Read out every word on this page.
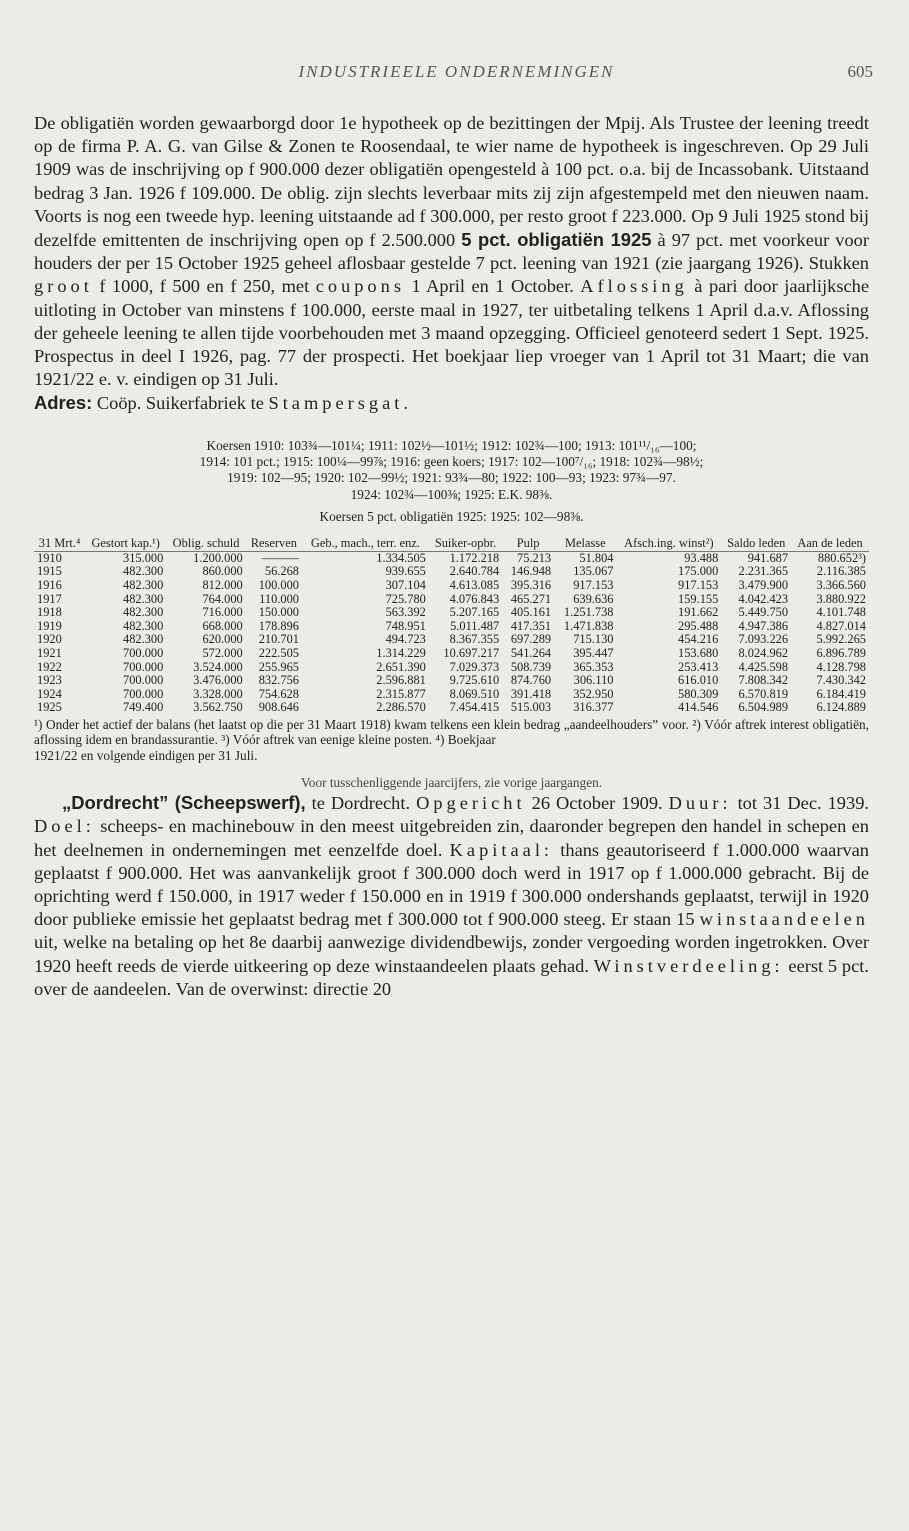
INDUSTRIEELE ONDERNEMINGEN	605

De obligatiën worden gewaarborgd door 1e hypotheek op de bezittingen der Mpij. Als Trustee der leening treedt op de firma P. A. G. van Gilse & Zonen te Roosendaal, te wier name de hypotheek is ingeschreven. Op 29 Juli 1909 was de inschrijving op f 900.000 dezer obligatiën opengesteld à 100 pct. o.a. bij de Incassobank. Uitstaand bedrag 3 Jan. 1926 f 109.000. De oblig. zijn slechts leverbaar mits zij zijn afgestempeld met den nieuwen naam. Voorts is nog een tweede hyp. leening uitstaande ad f 300.000, per resto groot f 223.000. Op 9 Juli 1925 stond bij dezelfde emittenten de inschrijving open op f 2.500.000 5 pct. obligatiën 1925 à 97 pct. met voorkeur voor houders der per 15 October 1925 geheel aflosbaar gestelde 7 pct. leening van 1921 (zie jaargang 1926). Stukken groot f 1000, f 500 en f 250, met coupons 1 April en 1 October. Aflossing à pari door jaarlijksche uitloting in October van minstens f 100.000, eerste maal in 1927, ter uitbetaling telkens 1 April d.a.v. Aflossing der geheele leening te allen tijde voorbehouden met 3 maand opzegging. Officieel genoteerd sedert 1 Sept. 1925. Prospectus in deel I 1926, pag. 77 der prospecti. Het boekjaar liep vroeger van 1 April tot 31 Maart; die van 1921/22 e. v. eindigen op 31 Juli.
Adres: Coöp. Suikerfabriek te Stampersgat.

Koersen 1910: 103¾—101¼; 1911: 102½—101½; 1912: 102¾—100; 1913: 101¹¹/₁₆—100;
1914: 101 pct.; 1915: 100¼—99⅞; 1916: geen koers; 1917: 102—100⁷/₁₆; 1918: 102¾—98½;
1919: 102—95; 1920: 102—99½; 1921: 93¾—80; 1922: 100—93; 1923: 97¾—97.
1924: 102¾—100⅜; 1925: E.K. 98⅜.
Koersen 5 pct. obligatiën 1925: 1925: 102—98⅜.
31 Mrt.⁴	Gestort kap.¹)	Oblig. schuld	Reserven	Geb., mach., terr. enz.	Suiker-opbr.	Pulp	Melasse	Afsch.ing. winst²)	Saldo leden	Aan de leden
1910	315.000	1.200.000	———	1.334.505	1.172.218	75.213	51.804	93.488	941.687	880.652³)
1915	482.300	860.000	56.268	939.655	2.640.784	146.948	135.067	175.000	2.231.365	2.116.385
1916	482.300	812.000	100.000	307.104	4.613.085	395.316	917.153	917.153	3.479.900	3.366.560
1917	482.300	764.000	110.000	725.780	4.076.843	465.271	639.636	159.155	4.042.423	3.880.922
1918	482.300	716.000	150.000	563.392	5.207.165	405.161	1.251.738	191.662	5.449.750	4.101.748
1919	482.300	668.000	178.896	748.951	5.011.487	417.351	1.471.838	295.488	4.947.386	4.827.014
1920	482.300	620.000	210.701	494.723	8.367.355	697.289	715.130	454.216	7.093.226	5.992.265
1921	700.000	572.000	222.505	1.314.229	10.697.217	541.264	395.447	153.680	8.024.962	6.896.789
1922	700.000	3.524.000	255.965	2.651.390	7.029.373	508.739	365.353	253.413	4.425.598	4.128.798
1923	700.000	3.476.000	832.756	2.596.881	9.725.610	874.760	306.110	616.010	7.808.342	7.430.342
1924	700.000	3.328.000	754.628	2.315.877	8.069.510	391.418	352.950	580.309	6.570.819	6.184.419
1925	749.400	3.562.750	908.646	2.286.570	7.454.415	515.003	316.377	414.546	6.504.989	6.124.889
¹) Onder het actief der balans (het laatst op die per 31 Maart 1918) kwam telkens een klein bedrag „aandeelhouders” voor. ²) Vóór aftrek interest obligatiën, aflossing idem en brandassurantie. ³) Vóór aftrek van eenige kleine posten. ⁴) Boekjaar
1921/22 en volgende eindigen per 31 Juli.
Voor tusschenliggende jaarcijfers, zie vorige jaargangen.

„Dordrecht” (Scheepswerf), te Dordrecht. Opgericht 26 October 1909. Duur: tot 31 Dec. 1939. Doel: scheeps- en machinebouw in den meest uitgebreiden zin, daaronder begrepen den handel in schepen en het deelnemen in ondernemingen met eenzelfde doel. Kapitaal: thans geautoriseerd f 1.000.000 waarvan geplaatst f 900.000. Het was aanvankelijk groot f 300.000 doch werd in 1917 op f 1.000.000 gebracht. Bij de oprichting werd f 150.000, in 1917 weder f 150.000 en in 1919 f 300.000 ondershands geplaatst, terwijl in 1920 door publieke emissie het geplaatst bedrag met f 300.000 tot f 900.000 steeg. Er staan 15 winstaandeelen uit, welke na betaling op het 8e daarbij aanwezige dividendbewijs, zonder vergoeding worden ingetrokken. Over 1920 heeft reeds de vierde uitkeering op deze winstaandeelen plaats gehad. Winstverdeeling: eerst 5 pct. over de aandeelen. Van de overwinst: directie 20
